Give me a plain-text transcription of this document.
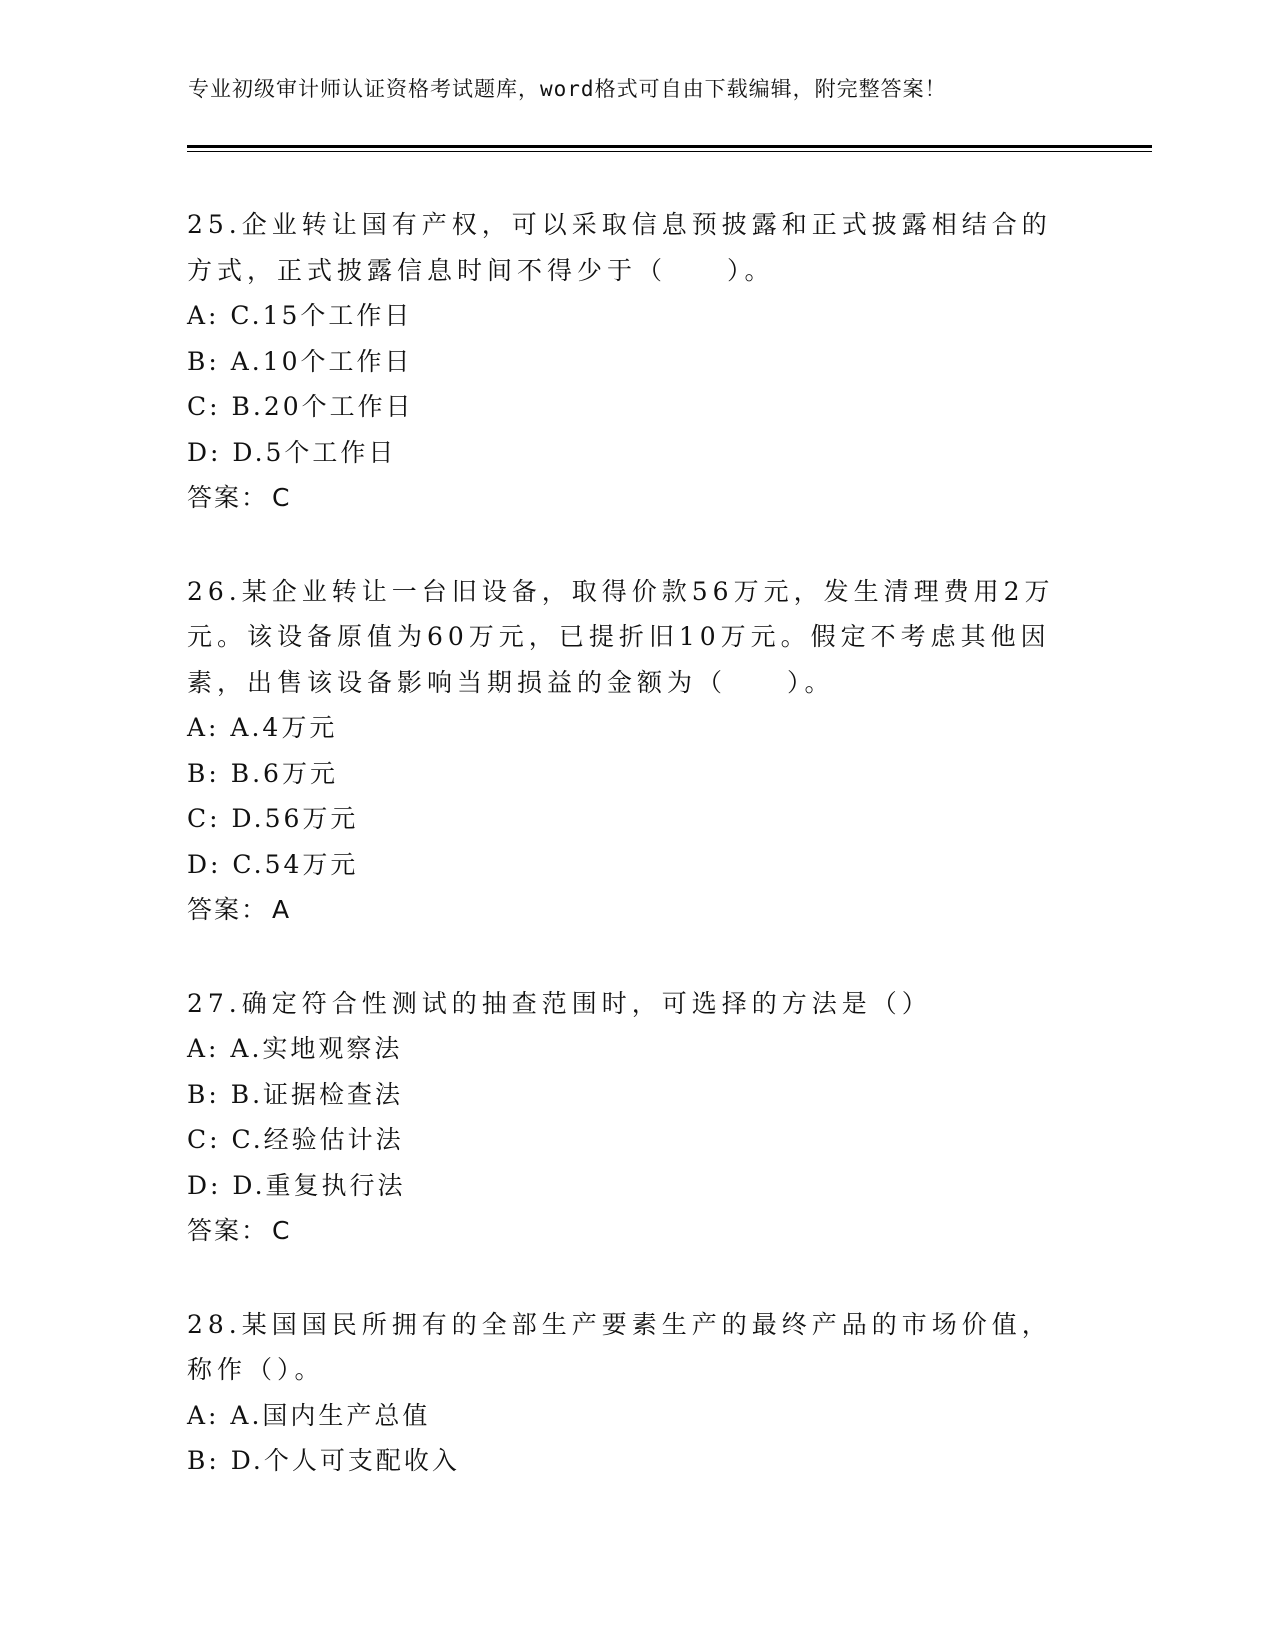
专业初级审计师认证资格考试题库，word格式可自由下载编辑，附完整答案！
25.企业转让国有产权，可以采取信息预披露和正式披露相结合的方式，正式披露信息时间不得少于（　　）。
A: C.15个工作日
B: A.10个工作日
C: B.20个工作日
D: D.5个工作日
答案： C
26.某企业转让一台旧设备，取得价款56万元，发生清理费用2万元。该设备原值为60万元，已提折旧10万元。假定不考虑其他因素，出售该设备影响当期损益的金额为（　　）。
A: A.4万元
B: B.6万元
C: D.56万元
D: C.54万元
答案： A
27.确定符合性测试的抽查范围时，可选择的方法是（）
A: A.实地观察法
B: B.证据检查法
C: C.经验估计法
D: D.重复执行法
答案： C
28.某国国民所拥有的全部生产要素生产的最终产品的市场价值，称作（）。
A: A.国内生产总值
B: D.个人可支配收入
